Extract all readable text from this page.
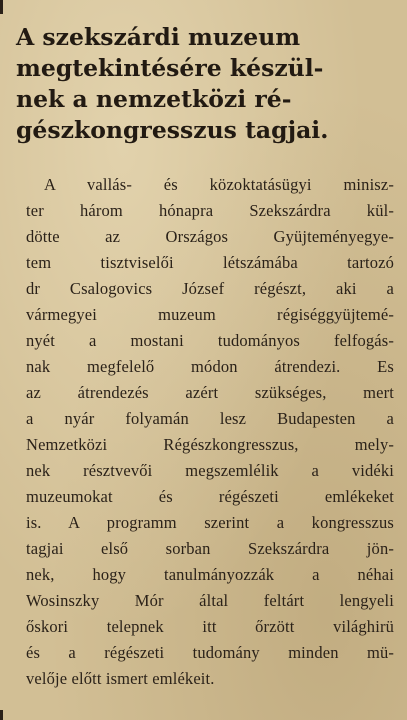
A szekszárdi muzeum
megtekintésére készül-
nek a nemzetközi ré-
gészkongresszus tagjai.
A vallás- és közoktatásügyi minisz-
ter három hónapra Szekszárdra kül-
dötte az Országos Gyüjteményegye-
tem tisztviselői létszámába tartozó
dr Csalogovics József régészt, aki a
vármegyei muzeum régiséggyüjtemé-
nyét a mostani tudományos felfogás-
nak megfelelő módon átrendezi. Es
az átrendezés azért szükséges, mert
a nyár folyamán lesz Budapesten a
Nemzetközi Régészkongresszus, mely-
nek résztvevői megszemlélik a vidéki
muzeumokat és régészeti emlékeket
is. A programm szerint a kongresszus
tagjai első sorban Szekszárdra jön-
nek, hogy tanulmányozzák a néhai
Wosinszky Mór által feltárt lengyeli
őskori telepnek itt őrzött világhirü
és a régészeti tudomány minden mü-
velője előtt ismert emlékeit.
